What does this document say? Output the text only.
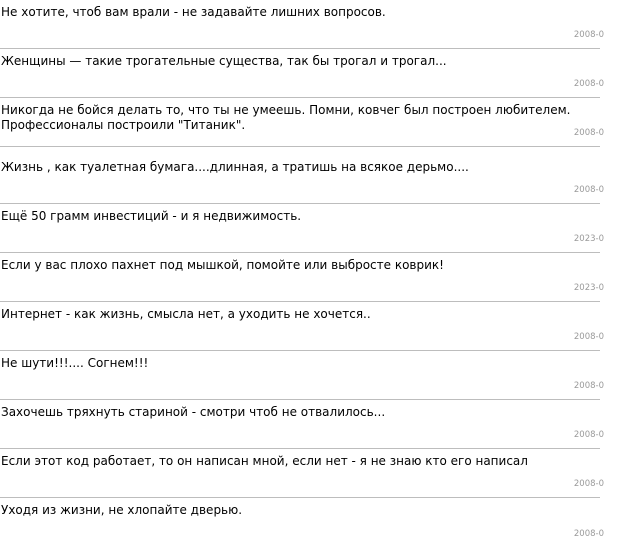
Не хотите, чтоб вам врали - не задавайте лишних вопросов.
2008-0
Женщины — такие трогательные существа, так бы трогал и трогал...
2008-0
Никогда не бойся делать то, что ты не умеешь. Помни, ковчег был построен любителем. Профессионалы построили "Титаник".
2008-0
Жизнь , как туалетная бумага....длинная, а тратишь на всякое дерьмо....
2008-0
Ещё 50 грамм инвестиций - и я недвижимость.
2023-0
Если у вас плохо пахнет под мышкой, помойте или выбросте коврик!
2023-0
Интернет - как жизнь, смысла нет, а уходить не хочется..
2008-0
Не шути!!!.... Согнем!!!
2008-0
Захочешь тряхнуть стариной - смотри чтоб не отвалилось...
2008-0
Если этот код работает, то он написан мной, если нет - я не знаю кто его написал
2008-0
Уходя из жизни, не хлопайте дверью.
2008-0
